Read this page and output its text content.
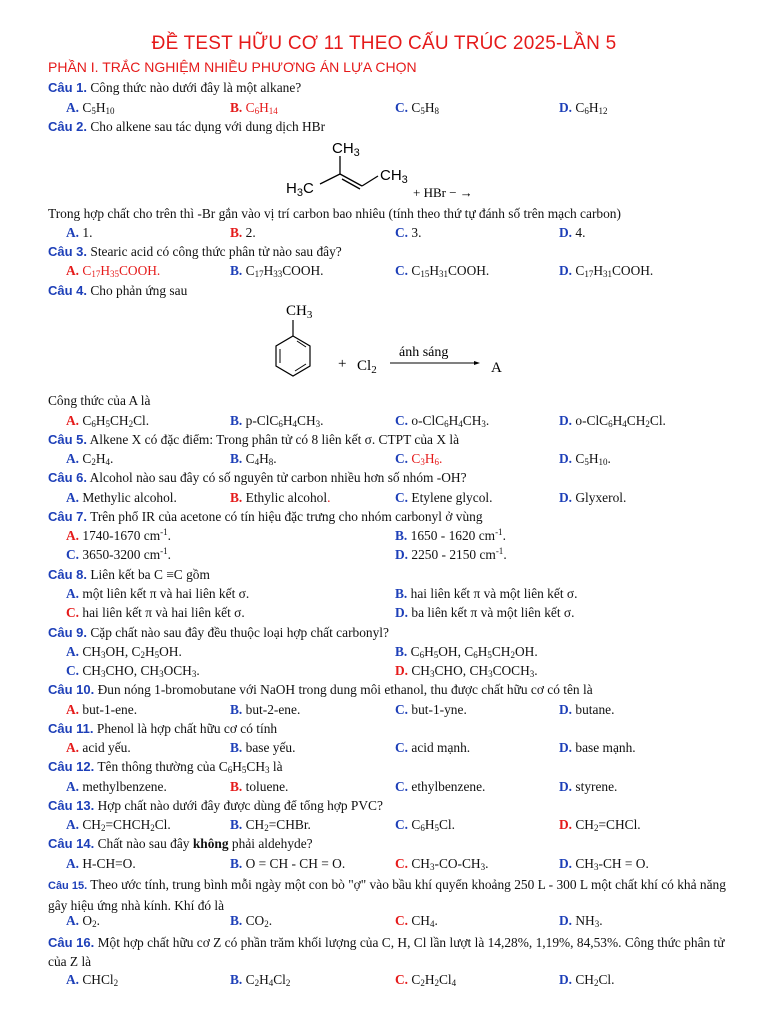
ĐỀ TEST HỮU CƠ 11 THEO CẤU TRÚC 2025-LẦN 5
PHẦN I. TRẮC NGHIỆM NHIỀU PHƯƠNG ÁN LỰA CHỌN
Câu 1. Công thức nào dưới đây là một alkane?
A. $C_5H_{10}$	B. $C_6H_{14}$	C. $C_5H_8$	D. $C_6H_{12}$
Câu 2. Cho alkene sau tác dụng với dung dịch HBr
$CH_3$
$CH_3$
$H_3C$	+ HBr − →
Trong hợp chất cho trên thì -Br gắn vào vị trí carbon bao nhiêu (tính theo thứ tự đánh số trên mạch carbon)
A. 1.	B. 2.	C. 3.	D. 4.
Câu 3. Stearic acid có công thức phân tử nào sau đây?
A. $C_{17}H_{35}COOH$.	B. $C_{17}H_{33}COOH$.	C. $C_{15}H_{31}COOH$.	D. $C_{17}H_{31}COOH$.
Câu 4. Cho phản ứng sau
$CH_3$
+ $Cl_2$
ánh sáng
A
Công thức của A là
A. $C_6H_5CH_2Cl$.	B. $p-ClC_6H_4CH_3$.	C. $o-ClC_6H_4CH_3$.	D. $o-ClC_6H_4CH_2Cl$.
Câu 5. Alkene X có đặc điểm: Trong phân tử có 8 liên kết σ. CTPT của X là
A. $C_2H_4$.	B. $C_4H_8$.	C. $C_3H_6$.	D. $C_5H_{10}$.
Câu 6. Alcohol nào sau đây có số nguyên tử carbon nhiều hơn số nhóm -OH?
A. Methylic alcohol.	B. Ethylic alcohol.	C. Etylene glycol.	D. Glyxerol.
Câu 7. Trên phổ IR của acetone có tín hiệu đặc trưng cho nhóm carbonyl ở vùng
A. 1740-1670 $cm^{-1}$.	B. 1650 - 1620 $cm^{-1}$.
C. 3650-3200 $cm^{-1}$.	D. 2250 - 2150 $cm^{-1}$.
Câu 8. Liên kết ba C ≡C gồm
A. một liên kết π và hai liên kết σ.	B. hai liên kết π và một liên kết σ.
C. hai liên kết π và hai liên kết σ.	D. ba liên kết π và một liên kết σ.
Câu 9. Cặp chất nào sau đây đều thuộc loại hợp chất carbonyl?
A. $CH_3OH$, $C_2H_5OH$.	B. $C_6H_5OH$, $C_6H_5CH_2OH$.
C. $CH_3CHO$, $CH_3OCH_3$.	D. $CH_3CHO$, $CH_3COCH_3$.
Câu 10. Đun nóng 1-bromobutane với NaOH trong dung môi ethanol, thu được chất hữu cơ có tên là
A. but-1-ene.	B. but-2-ene.	C. but-1-yne.	D. butane.
Câu 11. Phenol là hợp chất hữu cơ có tính
A. acid yếu.	B. base yếu.	C. acid mạnh.	D. base mạnh.
Câu 12. Tên thông thường của $C_6H_5CH_3$ là
A. methylbenzene.	B. toluene.	C. ethylbenzene.	D. styrene.
Câu 13. Hợp chất nào dưới đây được dùng để tổng hợp PVC?
A. $CH_2=CHCH_2Cl$.	B. $CH_2=CHBr$.	C. $C_6H_5Cl$.	D. $CH_2=CHCl$.
Câu 14. Chất nào sau đây không phải aldehyde?
A. H-CH=O.	B. O = CH - CH = O.	C. $CH_3-CO-CH_3$.	D. $CH_3-CH = O$.
Câu 15. Theo ước tính, trung bình mỗi ngày một con bò "ợ" vào bầu khí quyển khoảng 250 L - 300 L một chất khí có khả năng gây hiệu ứng nhà kính. Khí đó là
A. $O_2$.	B. $CO_2$.	C. $CH_4$.	D. $NH_3$.
Câu 16. Một hợp chất hữu cơ Z có phần trăm khối lượng của C, H, Cl lần lượt là 14,28%, 1,19%, 84,53%. Công thức phân tử của Z là
A. CHCl$_2$	B. $C_2H_4Cl_2$	C. $C_2H_2Cl_4$	D. $CH_2Cl$.
